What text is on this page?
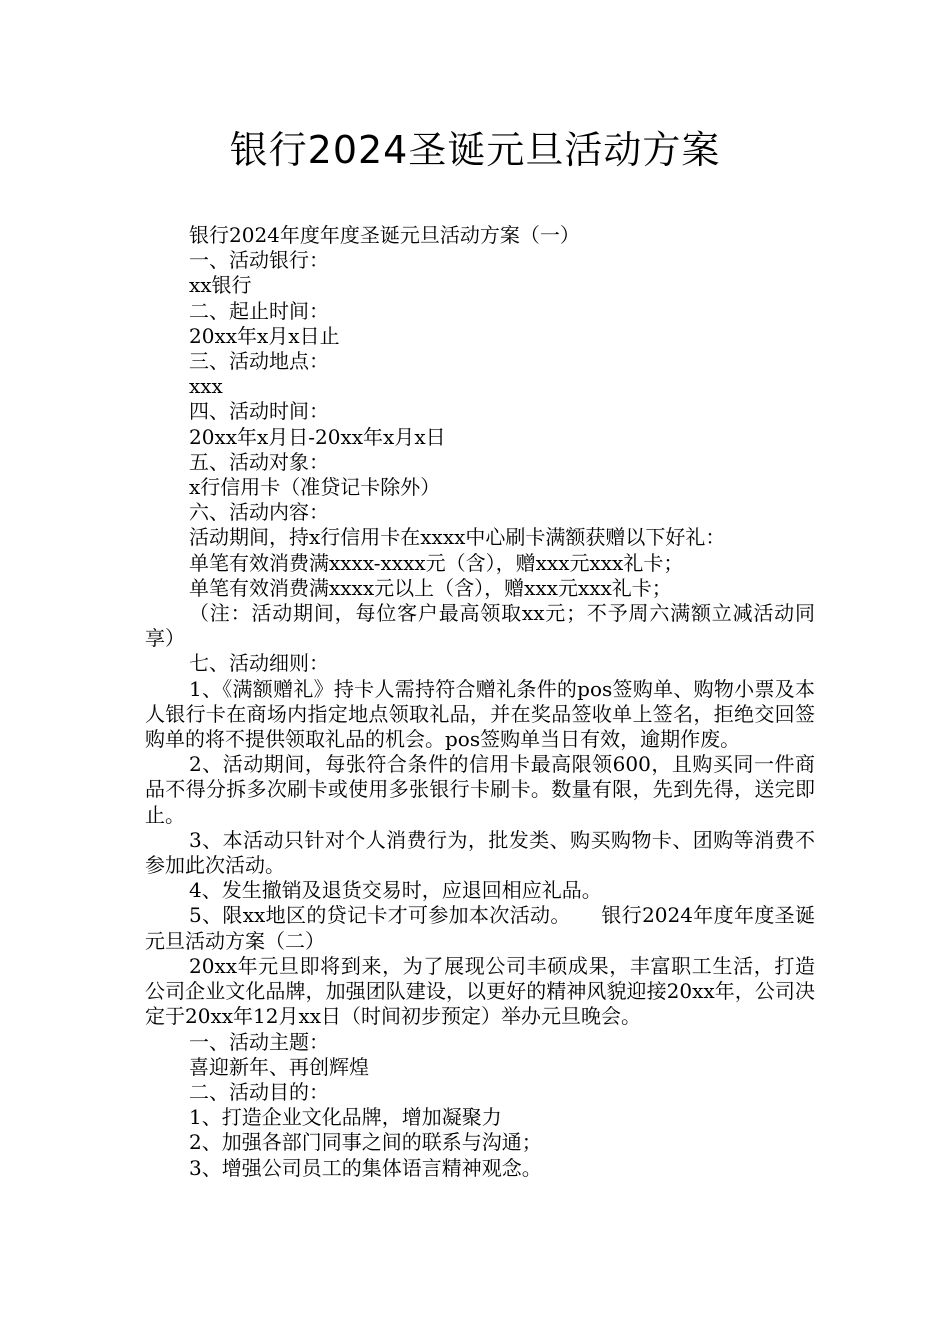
银行2024圣诞元旦活动方案

银行2024年度年度圣诞元旦活动方案（一）

一、活动银行：

xx银行

二、起止时间：

20xx年x月x日止

三、活动地点：

xxx

四、活动时间：

20xx年x月日-20xx年x月x日

五、活动对象：

x行信用卡（准贷记卡除外）

六、活动内容：

活动期间，持x行信用卡在xxxx中心刷卡满额获赠以下好礼：

单笔有效消费满xxxx-xxxx元（含），赠xxx元xxx礼卡；

单笔有效消费满xxxx元以上（含），赠xxx元xxx礼卡；

（注：活动期间，每位客户最高领取xx元；不予周六满额立减活动同享）

七、活动细则：

1、《满额赠礼》持卡人需持符合赠礼条件的pos签购单、购物小票及本人银行卡在商场内指定地点领取礼品，并在奖品签收单上签名，拒绝交回签购单的将不提供领取礼品的机会。pos签购单当日有效，逾期作废。

2、活动期间，每张符合条件的信用卡最高限领600，且购买同一件商品不得分拆多次刷卡或使用多张银行卡刷卡。数量有限，先到先得，送完即止。

3、本活动只针对个人消费行为，批发类、购买购物卡、团购等消费不参加此次活动。

4、发生撤销及退货交易时，应退回相应礼品。

5、限xx地区的贷记卡才可参加本次活动。　　银行2024年度年度圣诞元旦活动方案（二）

20xx年元旦即将到来，为了展现公司丰硕成果，丰富职工生活，打造公司企业文化品牌，加强团队建设，以更好的精神风貌迎接20xx年，公司决定于20xx年12月xx日（时间初步预定）举办元旦晚会。

一、活动主题：

喜迎新年、再创辉煌

二、活动目的：

1、打造企业文化品牌，增加凝聚力

2、加强各部门同事之间的联系与沟通；

3、增强公司员工的集体语言精神观念。
